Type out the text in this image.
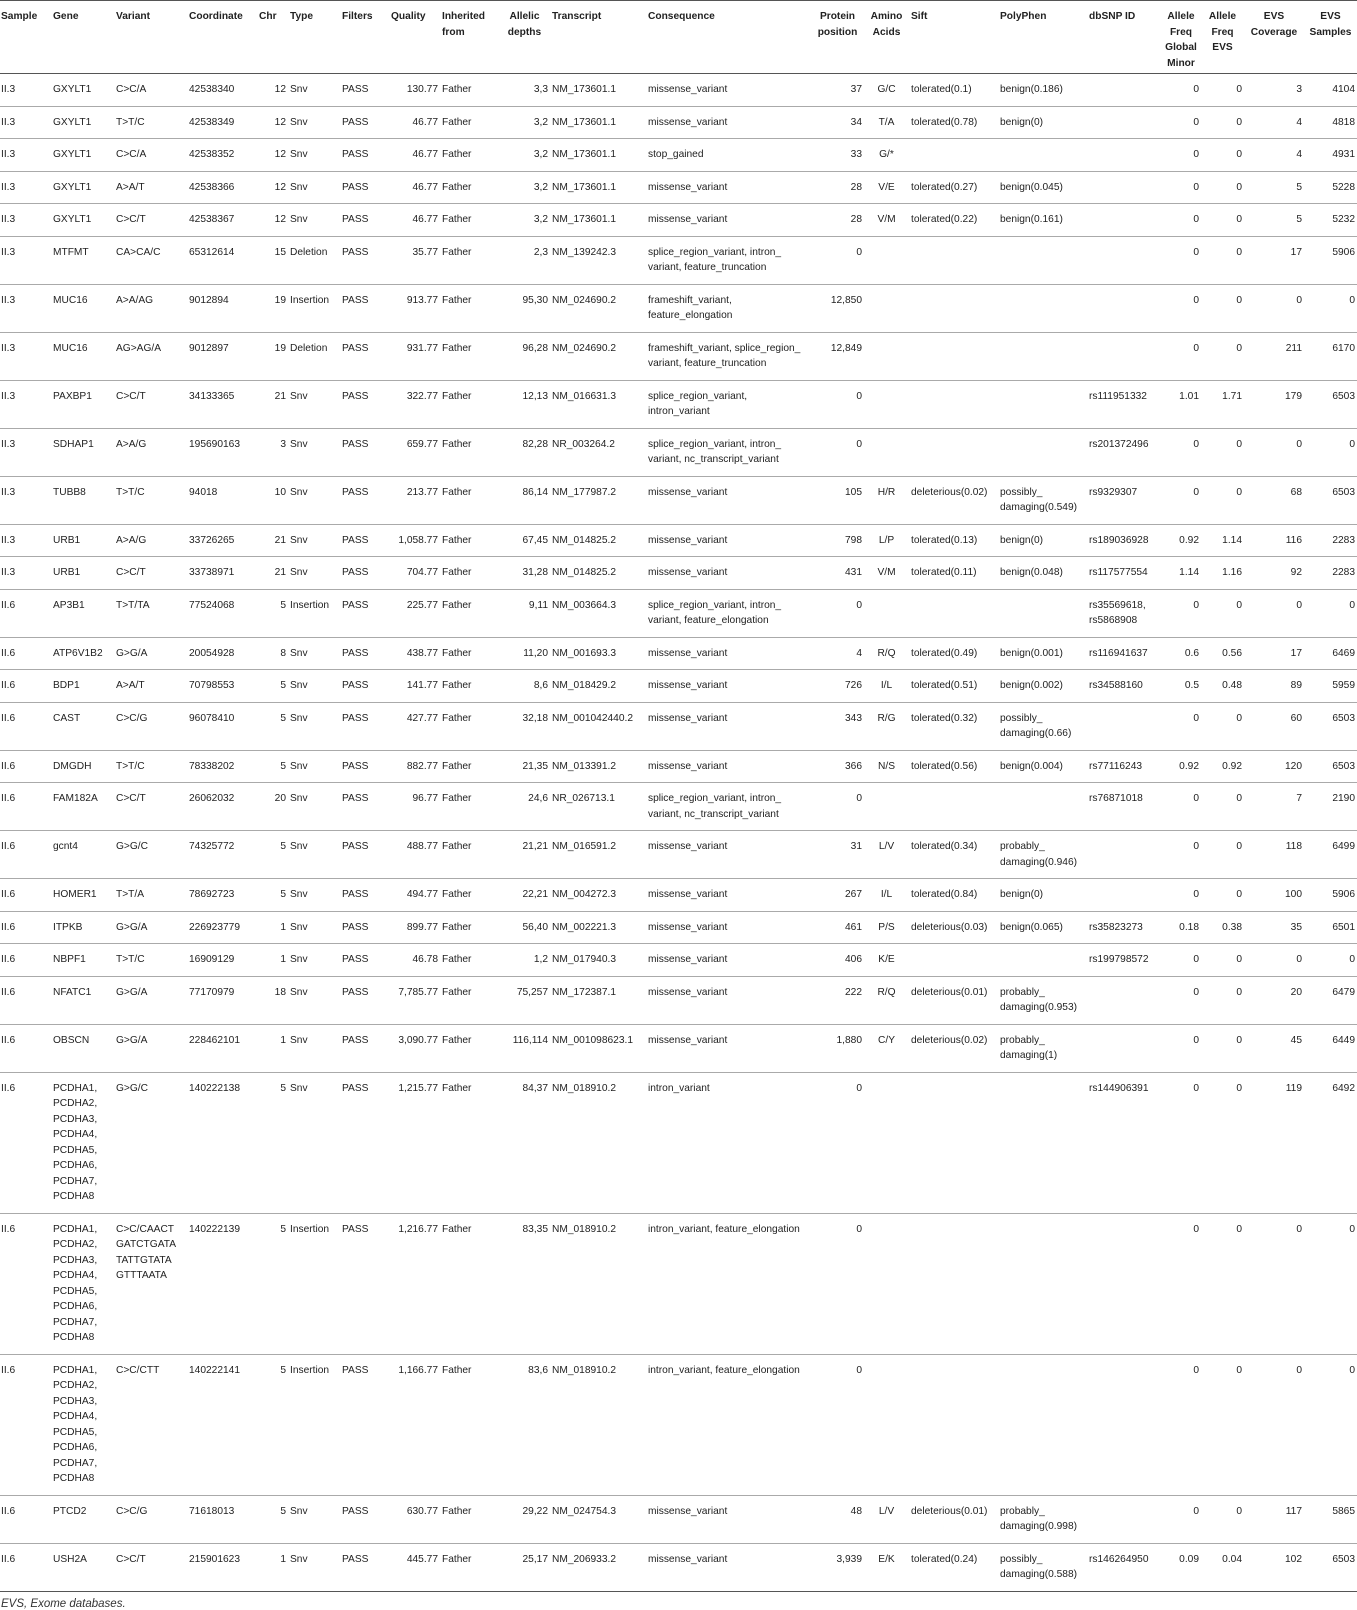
Sample	Gene	Variant	Coordinate	Chr	Type	Filters	Quality	Inherited from	Allelic depths	Transcript	Consequence	Protein position	Amino Acids	Sift	PolyPhen	dbSNP ID	Allele Freq Global Minor	Allele Freq EVS	EVS Coverage	EVS Samples
II.3	GXYLT1	C>C/A	42538340	12	Snv	PASS	130.77	Father	3,3	NM_173601.1	missense_variant	37	G/C	tolerated(0.1)	benign(0.186)		0	0	3	4104
II.3	GXYLT1	T>T/C	42538349	12	Snv	PASS	46.77	Father	3,2	NM_173601.1	missense_variant	34	T/A	tolerated(0.78)	benign(0)		0	0	4	4818
II.3	GXYLT1	C>C/A	42538352	12	Snv	PASS	46.77	Father	3,2	NM_173601.1	stop_gained	33	G/*				0	0	4	4931
II.3	GXYLT1	A>A/T	42538366	12	Snv	PASS	46.77	Father	3,2	NM_173601.1	missense_variant	28	V/E	tolerated(0.27)	benign(0.045)		0	0	5	5228
II.3	GXYLT1	C>C/T	42538367	12	Snv	PASS	46.77	Father	3,2	NM_173601.1	missense_variant	28	V/M	tolerated(0.22)	benign(0.161)		0	0	5	5232
II.3	MTFMT	CA>CA/C	65312614	15	Deletion	PASS	35.77	Father	2,3	NM_139242.3	splice_region_variant, intron_ variant, feature_truncation	0					0	0	17	5906
II.3	MUC16	A>A/AG	9012894	19	Insertion	PASS	913.77	Father	95,30	NM_024690.2	frameshift_variant, feature_elongation	12,850					0	0	0	0
II.3	MUC16	AG>AG/A	9012897	19	Deletion	PASS	931.77	Father	96,28	NM_024690.2	frameshift_variant, splice_region_ variant, feature_truncation	12,849					0	0	211	6170
II.3	PAXBP1	C>C/T	34133365	21	Snv	PASS	322.77	Father	12,13	NM_016631.3	splice_region_variant, intron_variant	0				rs111951332	1.01	1.71	179	6503
II.3	SDHAP1	A>A/G	195690163	3	Snv	PASS	659.77	Father	82,28	NR_003264.2	splice_region_variant, intron_ variant, nc_transcript_variant	0				rs201372496	0	0	0	0
II.3	TUBB8	T>T/C	94018	10	Snv	PASS	213.77	Father	86,14	NM_177987.2	missense_variant	105	H/R	deleterious(0.02)	possibly_ damaging(0.549)	rs9329307	0	0	68	6503
II.3	URB1	A>A/G	33726265	21	Snv	PASS	1,058.77	Father	67,45	NM_014825.2	missense_variant	798	L/P	tolerated(0.13)	benign(0)	rs189036928	0.92	1.14	116	2283
II.3	URB1	C>C/T	33738971	21	Snv	PASS	704.77	Father	31,28	NM_014825.2	missense_variant	431	V/M	tolerated(0.11)	benign(0.048)	rs117577554	1.14	1.16	92	2283
II.6	AP3B1	T>T/TA	77524068	5	Insertion	PASS	225.77	Father	9,11	NM_003664.3	splice_region_variant, intron_ variant, feature_elongation	0				rs35569618, rs5868908	0	0	0	0
II.6	ATP6V1B2	G>G/A	20054928	8	Snv	PASS	438.77	Father	11,20	NM_001693.3	missense_variant	4	R/Q	tolerated(0.49)	benign(0.001)	rs116941637	0.6	0.56	17	6469
II.6	BDP1	A>A/T	70798553	5	Snv	PASS	141.77	Father	8,6	NM_018429.2	missense_variant	726	I/L	tolerated(0.51)	benign(0.002)	rs34588160	0.5	0.48	89	5959
II.6	CAST	C>C/G	96078410	5	Snv	PASS	427.77	Father	32,18	NM_001042440.2	missense_variant	343	R/G	tolerated(0.32)	possibly_ damaging(0.66)		0	0	60	6503
II.6	DMGDH	T>T/C	78338202	5	Snv	PASS	882.77	Father	21,35	NM_013391.2	missense_variant	366	N/S	tolerated(0.56)	benign(0.004)	rs77116243	0.92	0.92	120	6503
II.6	FAM182A	C>C/T	26062032	20	Snv	PASS	96.77	Father	24,6	NR_026713.1	splice_region_variant, intron_ variant, nc_transcript_variant	0				rs76871018	0	0	7	2190
II.6	gcnt4	G>G/C	74325772	5	Snv	PASS	488.77	Father	21,21	NM_016591.2	missense_variant	31	L/V	tolerated(0.34)	probably_ damaging(0.946)		0	0	118	6499
II.6	HOMER1	T>T/A	78692723	5	Snv	PASS	494.77	Father	22,21	NM_004272.3	missense_variant	267	I/L	tolerated(0.84)	benign(0)		0	0	100	5906
II.6	ITPKB	G>G/A	226923779	1	Snv	PASS	899.77	Father	56,40	NM_002221.3	missense_variant	461	P/S	deleterious(0.03)	benign(0.065)	rs35823273	0.18	0.38	35	6501
II.6	NBPF1	T>T/C	16909129	1	Snv	PASS	46.78	Father	1,2	NM_017940.3	missense_variant	406	K/E			rs199798572	0	0	0	0
II.6	NFATC1	G>G/A	77170979	18	Snv	PASS	7,785.77	Father	75,257	NM_172387.1	missense_variant	222	R/Q	deleterious(0.01)	probably_ damaging(0.953)		0	0	20	6479
II.6	OBSCN	G>G/A	228462101	1	Snv	PASS	3,090.77	Father	116,114	NM_001098623.1	missense_variant	1,880	C/Y	deleterious(0.02)	probably_ damaging(1)		0	0	45	6449
II.6	PCDHA1, PCDHA2, PCDHA3, PCDHA4, PCDHA5, PCDHA6, PCDHA7, PCDHA8	G>G/C	140222138	5	Snv	PASS	1,215.77	Father	84,37	NM_018910.2	intron_variant	0				rs144906391	0	0	119	6492
II.6	PCDHA1, PCDHA2, PCDHA3, PCDHA4, PCDHA5, PCDHA6, PCDHA7, PCDHA8	C>C/CAACT GATCTGATA TATTGTATA GTTTAATA	140222139	5	Insertion	PASS	1,216.77	Father	83,35	NM_018910.2	intron_variant, feature_elongation	0					0	0	0	0
II.6	PCDHA1, PCDHA2, PCDHA3, PCDHA4, PCDHA5, PCDHA6, PCDHA7, PCDHA8	C>C/CTT	140222141	5	Insertion	PASS	1,166.77	Father	83,6	NM_018910.2	intron_variant, feature_elongation	0					0	0	0	0
II.6	PTCD2	C>C/G	71618013	5	Snv	PASS	630.77	Father	29,22	NM_024754.3	missense_variant	48	L/V	deleterious(0.01)	probably_ damaging(0.998)		0	0	117	5865
II.6	USH2A	C>C/T	215901623	1	Snv	PASS	445.77	Father	25,17	NM_206933.2	missense_variant	3,939	E/K	tolerated(0.24)	possibly_ damaging(0.588)	rs146264950	0.09	0.04	102	6503
EVS, Exome databases.
